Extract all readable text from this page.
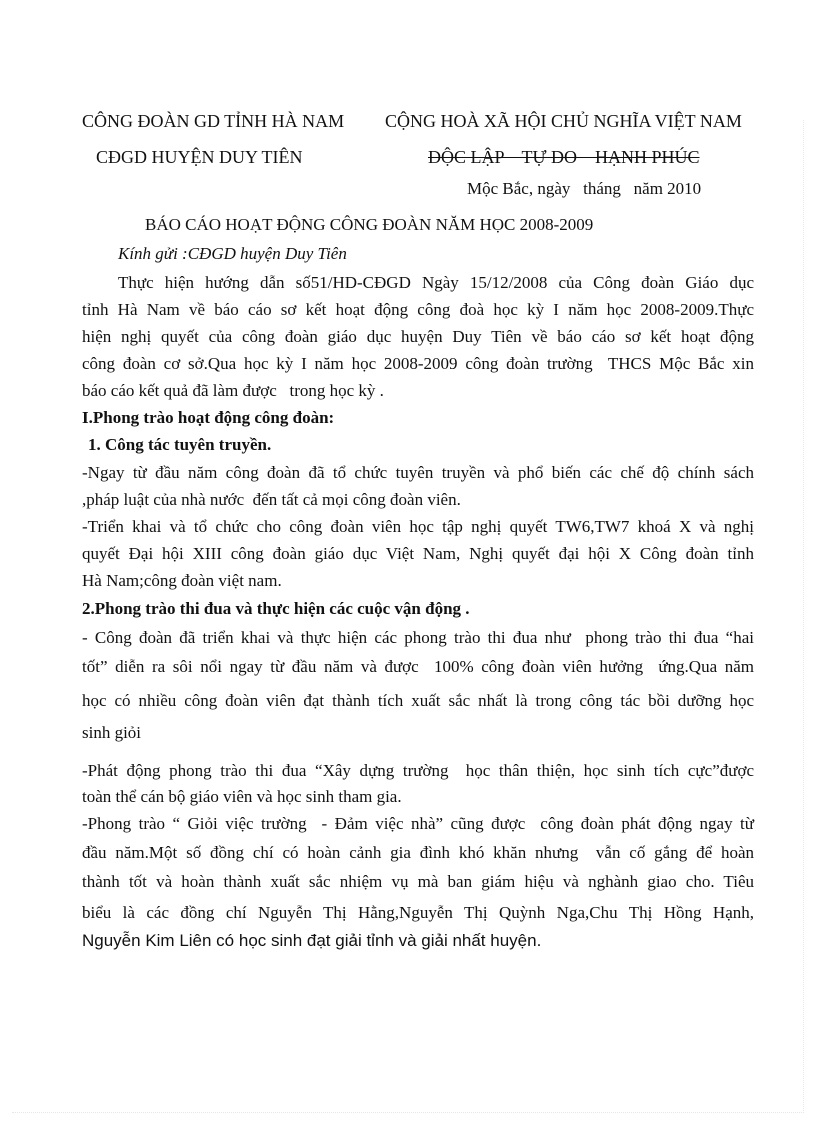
CÔNG ĐOÀN GD TỈNH HÀ NAM CỘNG HOÀ XÃ HỘI CHỦ NGHĨA VIỆT NAM
CĐGD HUYỆN DUY TIÊN	ĐỘC LẬP    TỰ DO    HẠNH PHÚC
Mộc Bắc, ngày   tháng   năm 2010
BÁO CÁO HOẠT ĐỘNG CÔNG ĐOÀN NĂM HỌC 2008-2009
Kính gửi :CĐGD huyện Duy Tiên
Thực hiện hướng dẫn số51/HD-CĐGD Ngày 15/12/2008 của Công đoàn Giáo dục
tỉnh Hà Nam về báo cáo sơ kết hoạt động công đoà học kỳ I năm học 2008-2009.Thực
hiện nghị quyết của công đoàn giáo dục huyện Duy Tiên về báo cáo sơ kết hoạt động
công đoàn cơ sở.Qua học kỳ I năm học 2008-2009 công đoàn trường  THCS Mộc Bắc xin
báo cáo kết quả đã làm được   trong học kỳ .
I.Phong trào hoạt động công đoàn:
1. Công tác tuyên truyền.
-Ngay từ đầu năm công đoàn đã tổ chức tuyên truyền và phổ biến các chế độ chính sách
,pháp luật của nhà nước  đến tất cả mọi công đoàn viên.
-Triển khai và tổ chức cho công đoàn viên học tập nghị quyết TW6,TW7 khoá X và nghị
quyết Đại hội XIII công đoàn giáo dục Việt Nam, Nghị quyết đại hội X Công đoàn tỉnh
Hà Nam;công đoàn việt nam.
2.Phong trào thi đua và thực hiện các cuộc vận động .
- Công đoàn đã triển khai và thực hiện các phong trào thi đua như  phong trào thi đua “hai
tốt” diễn ra sôi nổi ngay từ đầu năm và được  100% công đoàn viên hưởng  ứng.Qua năm
học có nhiều công đoàn viên đạt thành tích xuất sắc nhất là trong công tác bồi dưỡng học
sinh giỏi
-Phát động phong trào thi đua “Xây dựng trường  học thân thiện, học sinh tích cực”được
toàn thể cán bộ giáo viên và học sinh tham gia.
-Phong trào “ Giỏi việc trường  - Đảm việc nhà” cũng được  công đoàn phát động ngay từ
đầu năm.Một số đồng chí có hoàn cảnh gia đình khó khăn nhưng  vẫn cố gắng để hoàn
thành tốt và hoàn thành xuất sắc nhiệm vụ mà ban giám hiệu và nghành giao cho. Tiêu
biểu là các đồng chí Nguyễn Thị Hằng,Nguyễn Thị Quỳnh Nga,Chu Thị Hồng Hạnh,
Nguyễn Kim Liên có học sinh đạt giải tỉnh và giải nhất huyện.
